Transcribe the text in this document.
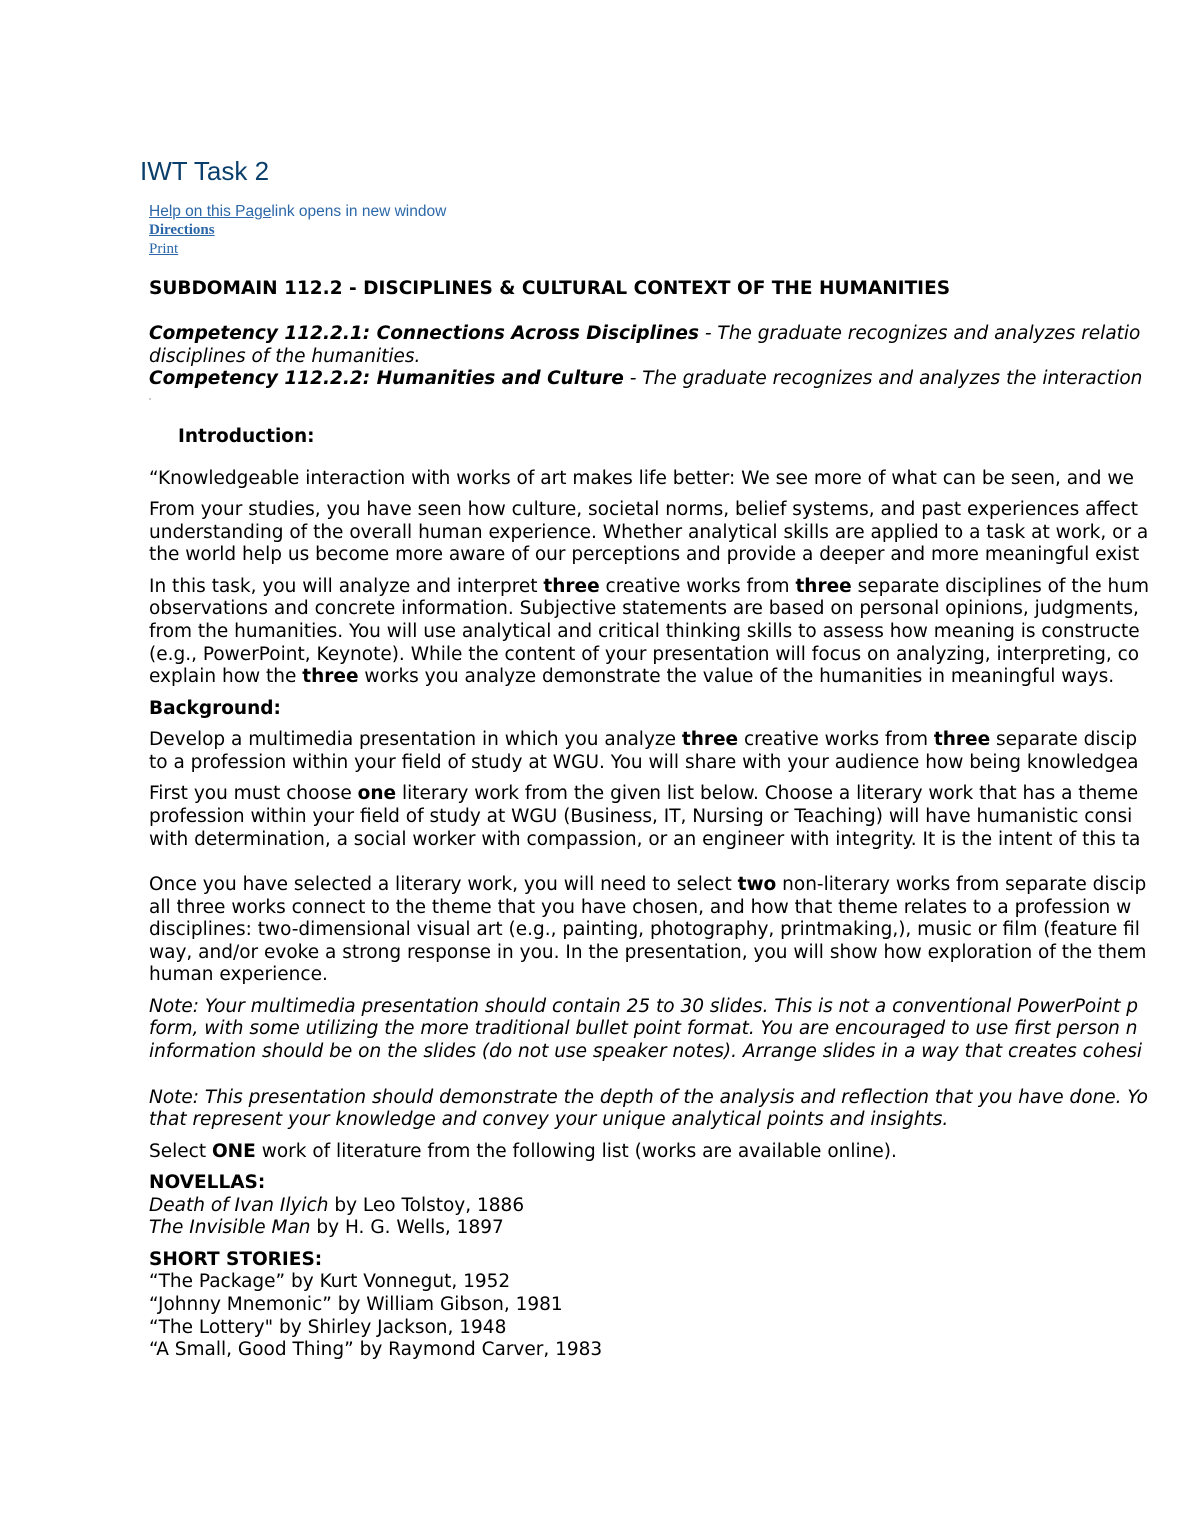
IWT Task 2
Help on this Pagelink opens in new window
Directions
Print
SUBDOMAIN 112.2 - DISCIPLINES & CULTURAL CONTEXT OF THE HUMANITIES
Competency 112.2.1: Connections Across Disciplines - The graduate recognizes and analyzes relatio
disciplines of the humanities.
Competency 112.2.2: Humanities and Culture - The graduate recognizes and analyzes the interaction
Introduction:
“Knowledgeable interaction with works of art makes life better: We see more of what can be seen, and we
From your studies, you have seen how culture, societal norms, belief systems, and past experiences affect
understanding of the overall human experience. Whether analytical skills are applied to a task at work, or a
the world help us become more aware of our perceptions and provide a deeper and more meaningful exist
In this task, you will analyze and interpret three creative works from three separate disciplines of the hum
observations and concrete information. Subjective statements are based on personal opinions, judgments,
from the humanities. You will use analytical and critical thinking skills to assess how meaning is constructe
(e.g., PowerPoint, Keynote). While the content of your presentation will focus on analyzing, interpreting, co
explain how the three works you analyze demonstrate the value of the humanities in meaningful ways.
Background:
Develop a multimedia presentation in which you analyze three creative works from three separate discip
to a profession within your field of study at WGU. You will share with your audience how being knowledgea
First you must choose one literary work from the given list below. Choose a literary work that has a theme
profession within your field of study at WGU (Business, IT, Nursing or Teaching) will have humanistic consi
with determination, a social worker with compassion, or an engineer with integrity. It is the intent of this ta
Once you have selected a literary work, you will need to select two non-literary works from separate discip
all three works connect to the theme that you have chosen, and how that theme relates to a profession w
disciplines: two-dimensional visual art (e.g., painting, photography, printmaking,), music or film (feature fil
way, and/or evoke a strong response in you. In the presentation, you will show how exploration of the them
human experience.
Note: Your multimedia presentation should contain 25 to 30 slides. This is not a conventional PowerPoint p
form, with some utilizing the more traditional bullet point format. You are encouraged to use first person n
information should be on the slides (do not use speaker notes). Arrange slides in a way that creates cohesi
Note: This presentation should demonstrate the depth of the analysis and reflection that you have done. Yo
that represent your knowledge and convey your unique analytical points and insights.
Select ONE work of literature from the following list (works are available online).
NOVELLAS:
Death of Ivan Ilyich by Leo Tolstoy, 1886
The Invisible Man by H. G. Wells, 1897
SHORT STORIES:
“The Package” by Kurt Vonnegut, 1952
“Johnny Mnemonic” by William Gibson, 1981
“The Lottery" by Shirley Jackson, 1948
“A Small, Good Thing” by Raymond Carver, 1983
